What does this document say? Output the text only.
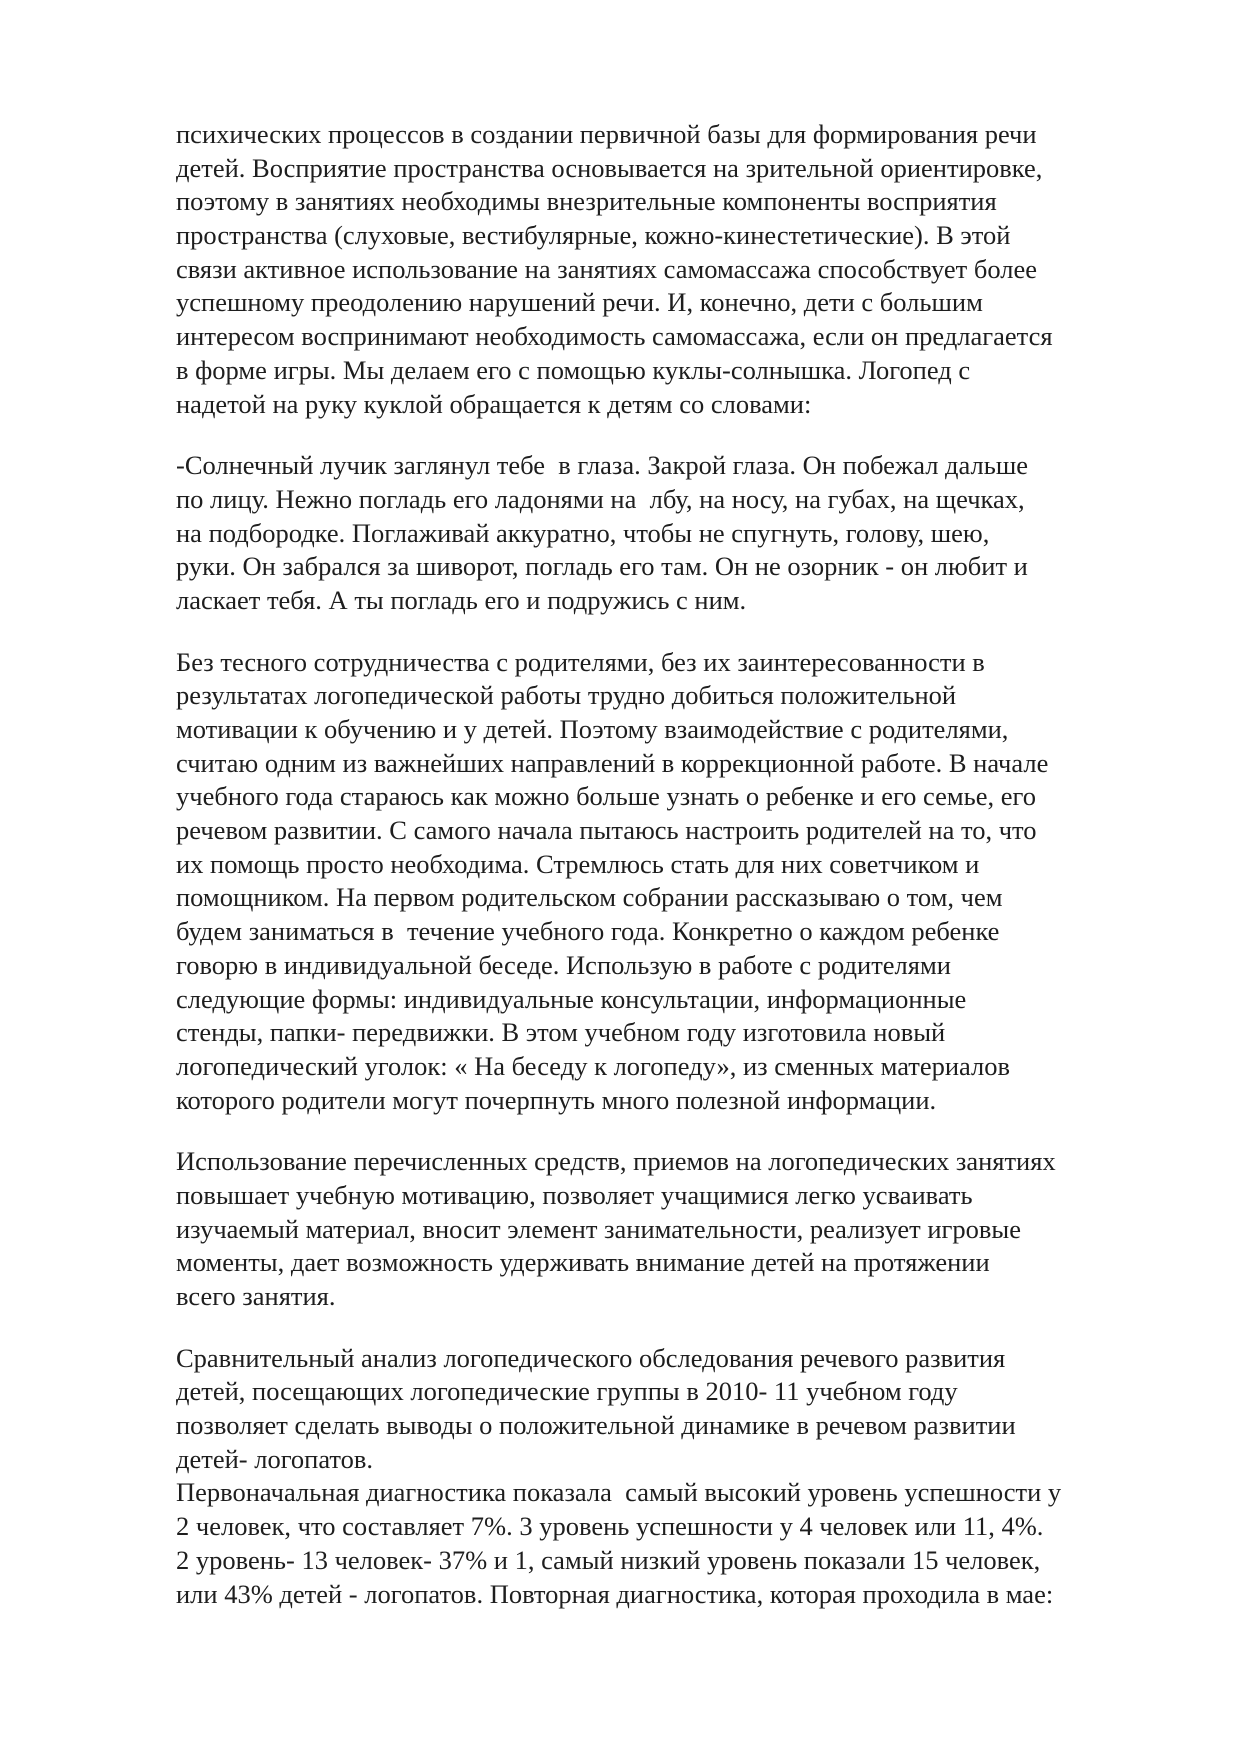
психических процессов в создании первичной базы для формирования речи
детей. Восприятие пространства основывается на зрительной ориентировке,
поэтому в занятиях необходимы внезрительные компоненты восприятия
пространства (слуховые, вестибулярные, кожно-кинестетические). В этой
связи активное использование на занятиях самомассажа способствует более
успешному преодолению нарушений речи. И, конечно, дети с большим
интересом воспринимают необходимость самомассажа, если он предлагается
в форме игры. Мы делаем его с помощью куклы-солнышка. Логопед с
надетой на руку куклой обращается к детям со словами:
-Солнечный лучик заглянул тебе  в глаза. Закрой глаза. Он побежал дальше
по лицу. Нежно погладь его ладонями на  лбу, на носу, на губах, на щечках,
на подбородке. Поглаживай аккуратно, чтобы не спугнуть, голову, шею,
руки. Он забрался за шиворот, погладь его там. Он не озорник - он любит и
ласкает тебя. А ты погладь его и подружись с ним.
Без тесного сотрудничества с родителями, без их заинтересованности в
результатах логопедической работы трудно добиться положительной
мотивации к обучению и у детей. Поэтому взаимодействие с родителями,
считаю одним из важнейших направлений в коррекционной работе. В начале
учебного года стараюсь как можно больше узнать о ребенке и его семье, его
речевом развитии. С самого начала пытаюсь настроить родителей на то, что
их помощь просто необходима. Стремлюсь стать для них советчиком и
помощником. На первом родительском собрании рассказываю о том, чем
будем заниматься в  течение учебного года. Конкретно о каждом ребенке
говорю в индивидуальной беседе. Использую в работе с родителями
следующие формы: индивидуальные консультации, информационные
стенды, папки- передвижки. В этом учебном году изготовила новый
логопедический уголок: « На беседу к логопеду», из сменных материалов
которого родители могут почерпнуть много полезной информации.
Использование перечисленных средств, приемов на логопедических занятиях
повышает учебную мотивацию, позволяет учащимися легко усваивать
изучаемый материал, вносит элемент занимательности, реализует игровые
моменты, дает возможность удерживать внимание детей на протяжении
всего занятия.
Сравнительный анализ логопедического обследования речевого развития
детей, посещающих логопедические группы в 2010- 11 учебном году
позволяет сделать выводы о положительной динамике в речевом развитии
детей- логопатов.
Первоначальная диагностика показала  самый высокий уровень успешности у
2 человек, что составляет 7%. 3 уровень успешности у 4 человек или 11, 4%.
2 уровень- 13 человек- 37% и 1, самый низкий уровень показали 15 человек,
или 43% детей - логопатов. Повторная диагностика, которая проходила в мае:
